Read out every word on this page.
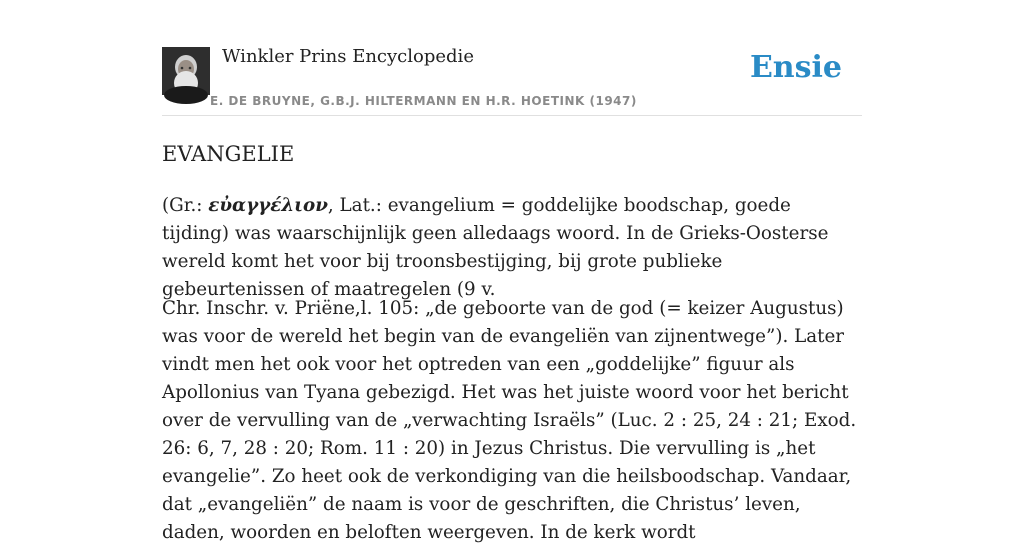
Winkler Prins Encyclopedie
E. DE BRUYNE, G.B.J. HILTERMANN EN H.R. HOETINK (1947)
Ensie
EVANGELIE

(Gr.: εὐαγγέλιον, Lat.: evangelium = goddelijke boodschap, goede tijding) was waarschijnlijk geen alledaags woord. In de Grieks-Oosterse wereld komt het voor bij troonsbestijging, bij grote publieke gebeurtenissen of maatregelen (9 v.

Chr. Inschr. v. Priëne,l. 105: „de geboorte van de god (= keizer Augustus) was voor de wereld het begin van de evangeliën van zijnentwege”). Later vindt men het ook voor het optreden van een „goddelijke” figuur als Apollonius van Tyana gebezigd. Het was het juiste woord voor het bericht over de vervulling van de „verwachting Israëls” (Luc. 2 : 25, 24 : 21; Exod. 26: 6, 7, 28 : 20; Rom. 11 : 20) in Jezus Christus. Die vervulling is „het evangelie”. Zo heet ook de verkondiging van die heilsboodschap. Vandaar, dat „evangeliën” de naam is voor de geschriften, die Christus’ leven, daden, woorden en beloften weergeven. In de kerk wordt
